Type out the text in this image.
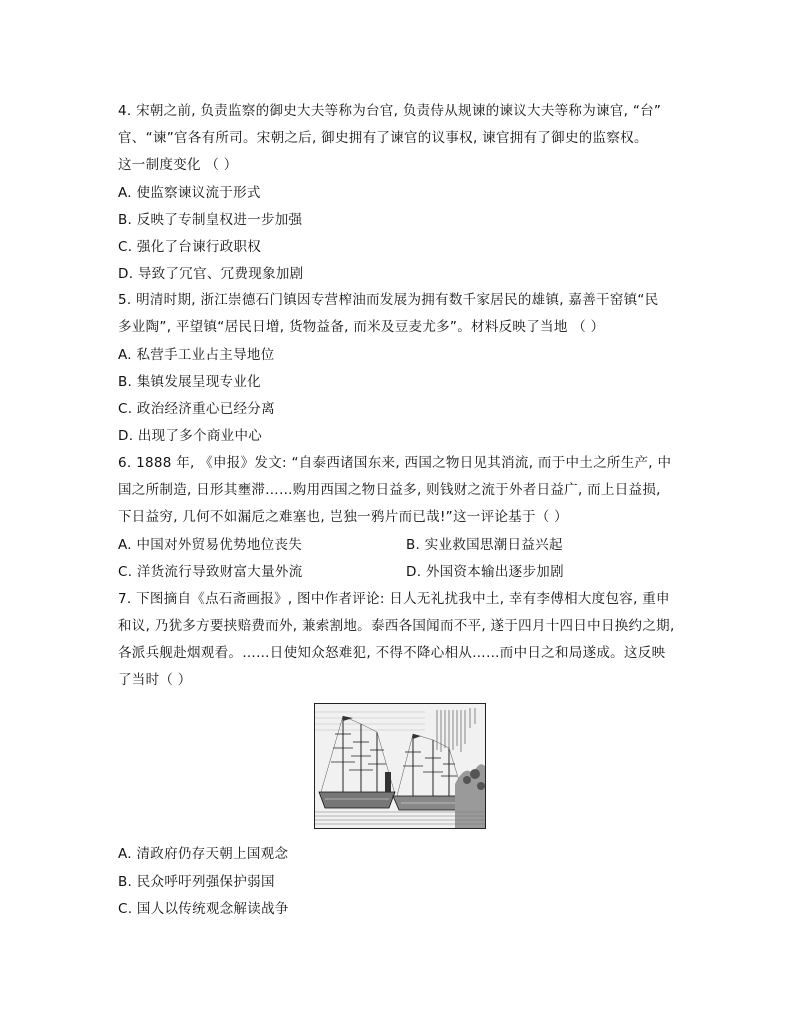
4. 宋朝之前, 负责监察的御史大夫等称为台官, 负责侍从规谏的谏议大夫等称为谏官, “台”
官、“谏”官各有所司。宋朝之后, 御史拥有了谏官的议事权, 谏官拥有了御史的监察权。
这一制度变化 （ ）
A. 使监察谏议流于形式
B. 反映了专制皇权进一步加强
C. 强化了台谏行政职权
D. 导致了冗官、冗费现象加剧
5. 明清时期, 浙江崇德石门镇因专营榨油而发展为拥有数千家居民的雄镇, 嘉善干窑镇“民
多业陶”, 平望镇“居民日增, 货物益备, 而米及豆麦尤多”。材料反映了当地 （ ）
A. 私营手工业占主导地位
B. 集镇发展呈现专业化
C. 政治经济重心已经分离
D. 出现了多个商业中心
6. 1888 年, 《申报》发文: “自泰西诸国东来, 西国之物日见其消流, 而于中土之所生产, 中
国之所制造, 日形其壅滞……购用西国之物日益多, 则钱财之流于外者日益广, 而上日益损,
下日益穷, 几何不如漏卮之难塞也, 岂独一鸦片而已哉!”这一评论基于（ ）
A. 中国对外贸易优势地位丧失	B. 实业救国思潮日益兴起
C. 洋货流行导致财富大量外流	D. 外国资本输出逐步加剧
7. 下图摘自《点石斋画报》, 图中作者评论: 日人无礼扰我中土, 幸有李傅相大度包容, 重申
和议, 乃犹多方要挟赔费而外, 兼索割地。泰西各国闻而不平, 遂于四月十四日中日换约之期,
各派兵舰赴烟观看。……日使知众怒难犯, 不得不降心相从……而中日之和局遂成。这反映
了当时（ ）
A. 清政府仍存天朝上国观念
B. 民众呼吁列强保护弱国
C. 国人以传统观念解读战争
